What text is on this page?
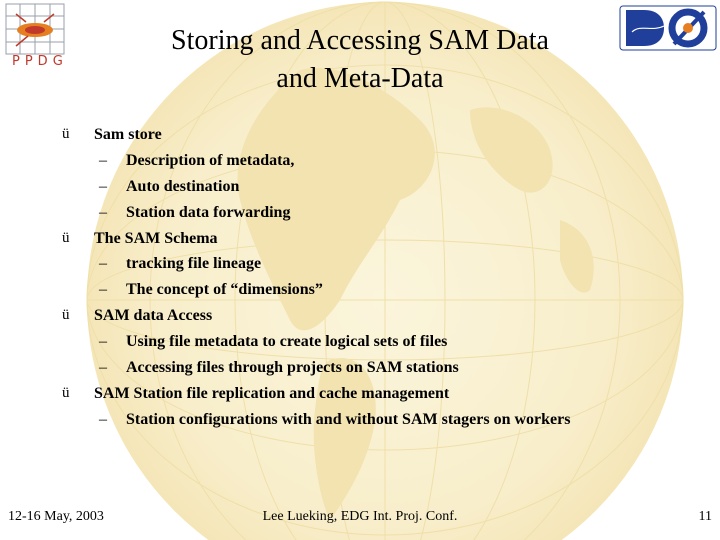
PPDG
Storing and Accessing SAM Data
and Meta-Data
ü Sam store
– Description of metadata,
– Auto destination
– Station data forwarding
ü The SAM Schema
– tracking file lineage
– The concept of “dimensions”
ü SAM data Access
– Using file metadata to create logical sets of files
– Accessing files through projects on SAM stations
ü SAM Station file replication and cache management
– Station configurations with and without SAM stagers on workers
12-16 May, 2003	Lee Lueking, EDG Int. Proj. Conf.	11
